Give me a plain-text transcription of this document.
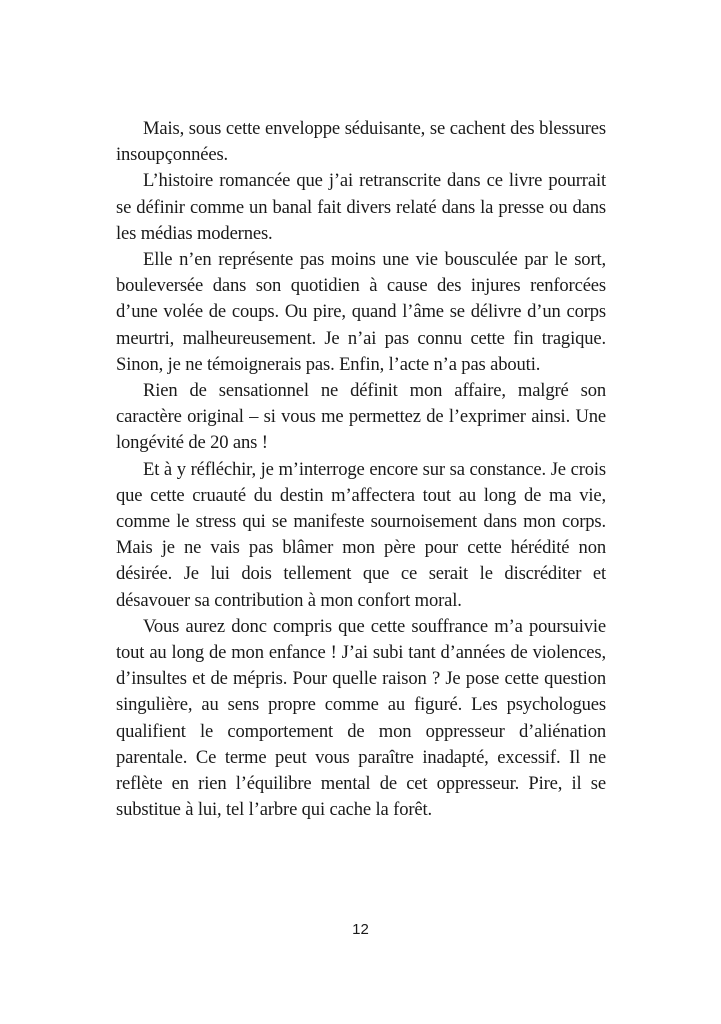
Mais, sous cette enveloppe séduisante, se cachent des blessures insoupçonnées.

L’histoire romancée que j’ai retranscrite dans ce livre pourrait se définir comme un banal fait divers relaté dans la presse ou dans les médias modernes.

Elle n’en représente pas moins une vie bousculée par le sort, bouleversée dans son quotidien à cause des injures renforcées d’une volée de coups. Ou pire, quand l’âme se délivre d’un corps meurtri, malheureusement. Je n’ai pas connu cette fin tragique. Sinon, je ne témoignerais pas. Enfin, l’acte n’a pas abouti.

Rien de sensationnel ne définit mon affaire, malgré son caractère original – si vous me permettez de l’exprimer ainsi. Une longévité de 20 ans !

Et à y réfléchir, je m’interroge encore sur sa constance. Je crois que cette cruauté du destin m’affectera tout au long de ma vie, comme le stress qui se manifeste sournoisement dans mon corps. Mais je ne vais pas blâmer mon père pour cette hérédité non désirée. Je lui dois tellement que ce serait le discréditer et désavouer sa contribution à mon confort moral.

Vous aurez donc compris que cette souffrance m’a poursuivie tout au long de mon enfance ! J’ai subi tant d’années de violences, d’insultes et de mépris. Pour quelle raison ? Je pose cette question singulière, au sens propre comme au figuré. Les psychologues qualifient le comportement de mon oppresseur d’aliénation parentale. Ce terme peut vous paraître inadapté, excessif. Il ne reflète en rien l’équilibre mental de cet oppresseur. Pire, il se substitue à lui, tel l’arbre qui cache la forêt.

12
